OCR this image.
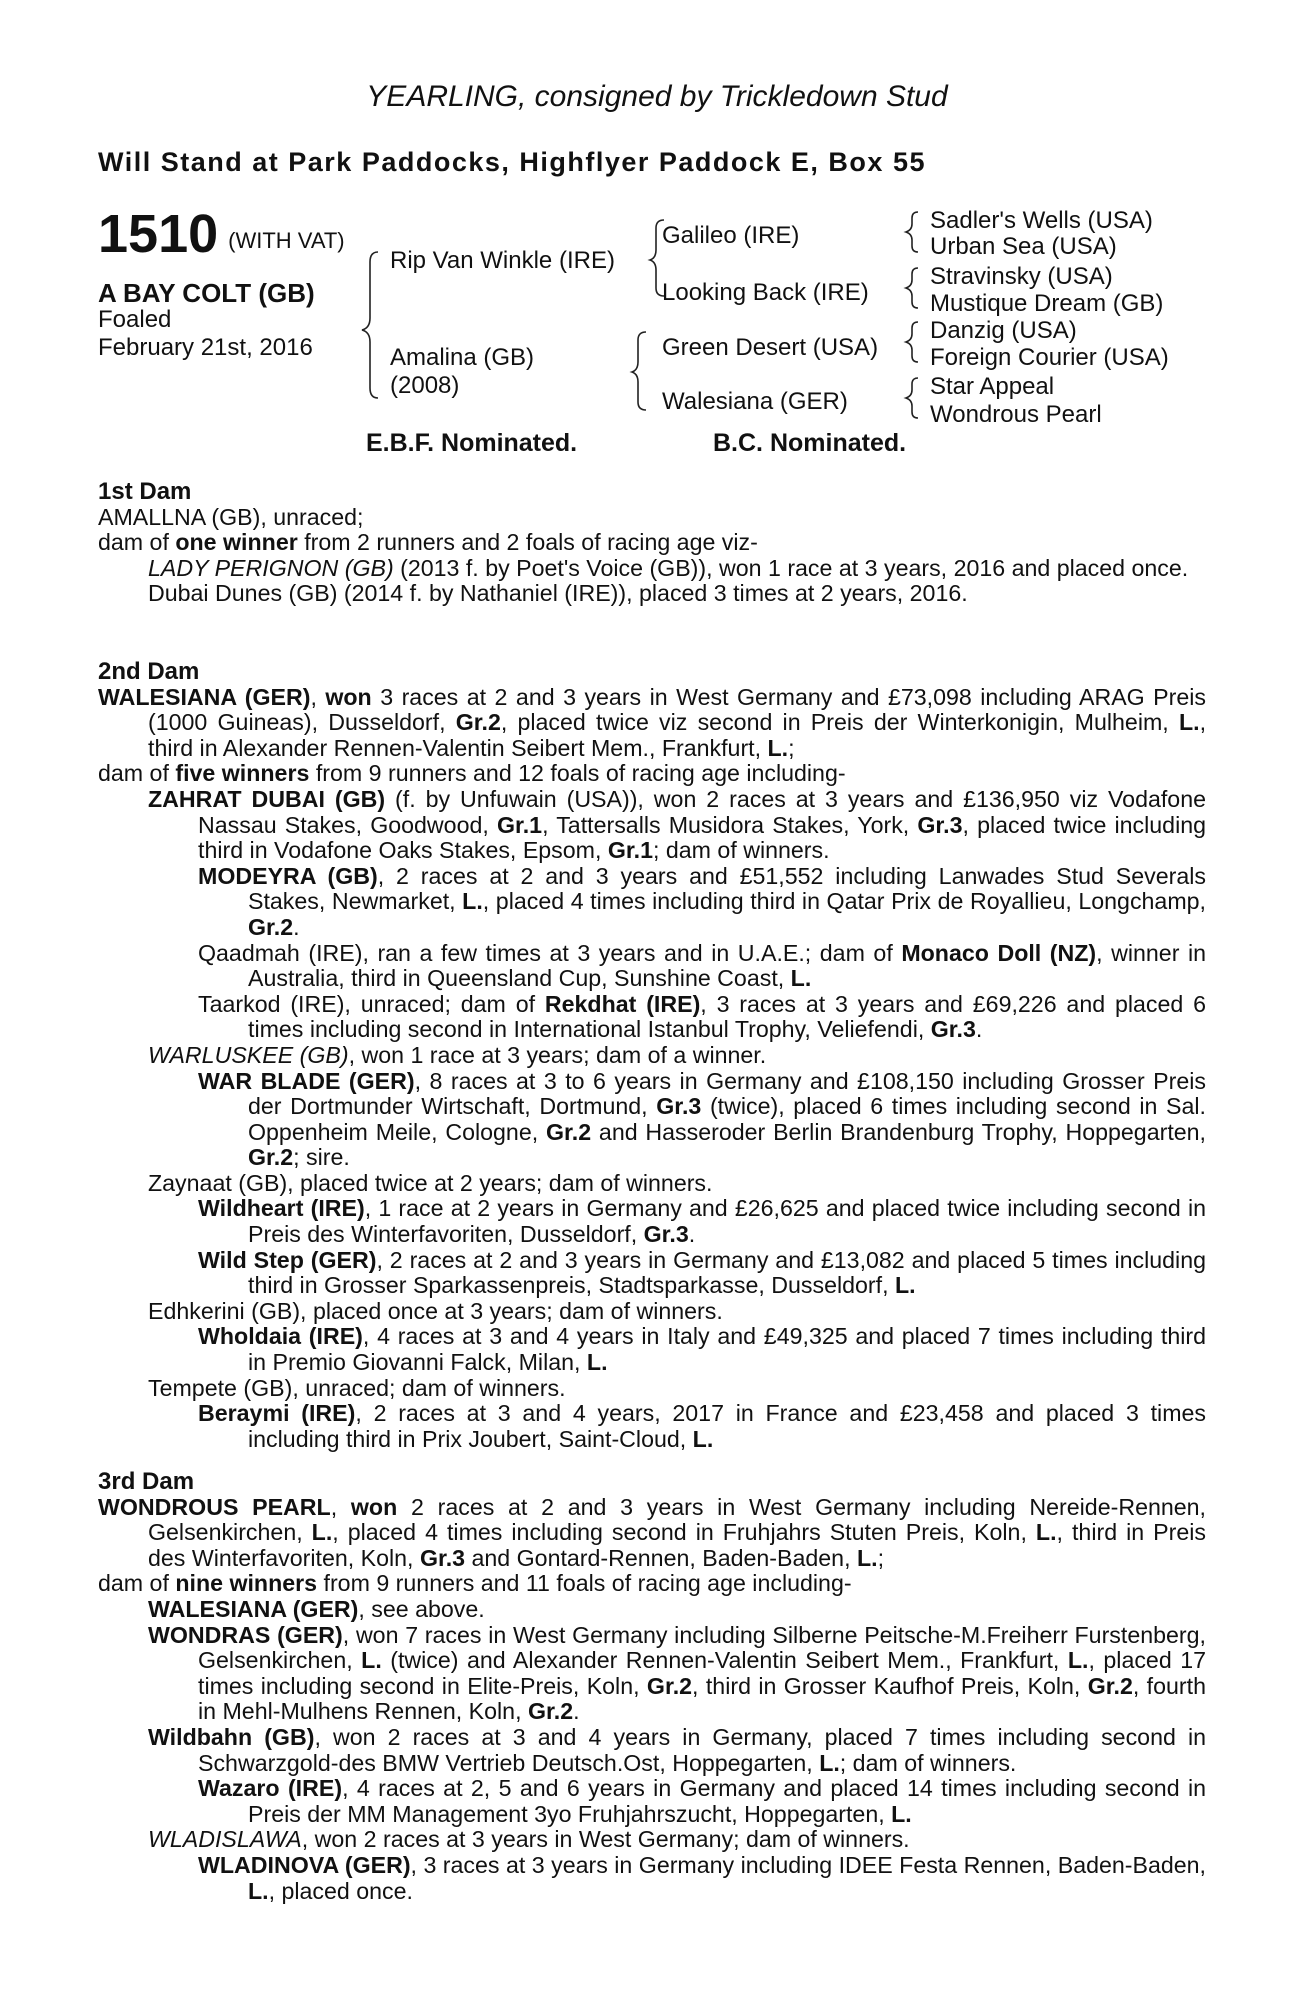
YEARLING, consigned by Trickledown Stud
Will Stand at Park Paddocks, Highflyer Paddock E, Box 55
1510 (WITH VAT)
A BAY COLT (GB)
Foaled
February 21st, 2016
Rip Van Winkle (IRE)
Amalina (GB)
(2008)
Galileo (IRE)
Looking Back (IRE)
Green Desert (USA)
Walesiana (GER)
Sadler's Wells (USA)
Urban Sea (USA)
Stravinsky (USA)
Mustique Dream (GB)
Danzig (USA)
Foreign Courier (USA)
Star Appeal
Wondrous Pearl
E.B.F. Nominated.	B.C. Nominated.
1st Dam

AMALLNA (GB), unraced;

dam of one winner from 2 runners and 2 foals of racing age viz-

LADY PERIGNON (GB) (2013 f. by Poet's Voice (GB)), won 1 race at 3 years, 2016 and placed once.

Dubai Dunes (GB) (2014 f. by Nathaniel (IRE)), placed 3 times at 2 years, 2016.

2nd Dam

WALESIANA (GER), won 3 races at 2 and 3 years in West Germany and £73,098 including ARAG Preis (1000 Guineas), Dusseldorf, Gr.2, placed twice viz second in Preis der Winterkonigin, Mulheim, L., third in Alexander Rennen-Valentin Seibert Mem., Frankfurt, L.;

dam of five winners from 9 runners and 12 foals of racing age including-

ZAHRAT DUBAI (GB) (f. by Unfuwain (USA)), won 2 races at 3 years and £136,950 viz Vodafone Nassau Stakes, Goodwood, Gr.1, Tattersalls Musidora Stakes, York, Gr.3, placed twice including third in Vodafone Oaks Stakes, Epsom, Gr.1; dam of winners.

MODEYRA (GB), 2 races at 2 and 3 years and £51,552 including Lanwades Stud Severals Stakes, Newmarket, L., placed 4 times including third in Qatar Prix de Royallieu, Longchamp, Gr.2.

Qaadmah (IRE), ran a few times at 3 years and in U.A.E.; dam of Monaco Doll (NZ), winner in Australia, third in Queensland Cup, Sunshine Coast, L.

Taarkod (IRE), unraced; dam of Rekdhat (IRE), 3 races at 3 years and £69,226 and placed 6 times including second in International Istanbul Trophy, Veliefendi, Gr.3.

WARLUSKEE (GB), won 1 race at 3 years; dam of a winner.

WAR BLADE (GER), 8 races at 3 to 6 years in Germany and £108,150 including Grosser Preis der Dortmunder Wirtschaft, Dortmund, Gr.3 (twice), placed 6 times including second in Sal. Oppenheim Meile, Cologne, Gr.2 and Hasseroder Berlin Brandenburg Trophy, Hoppegarten, Gr.2; sire.

Zaynaat (GB), placed twice at 2 years; dam of winners.

Wildheart (IRE), 1 race at 2 years in Germany and £26,625 and placed twice including second in Preis des Winterfavoriten, Dusseldorf, Gr.3.

Wild Step (GER), 2 races at 2 and 3 years in Germany and £13,082 and placed 5 times including third in Grosser Sparkassenpreis, Stadtsparkasse, Dusseldorf, L.

Edhkerini (GB), placed once at 3 years; dam of winners.

Wholdaia (IRE), 4 races at 3 and 4 years in Italy and £49,325 and placed 7 times including third in Premio Giovanni Falck, Milan, L.

Tempete (GB), unraced; dam of winners.

Beraymi (IRE), 2 races at 3 and 4 years, 2017 in France and £23,458 and placed 3 times including third in Prix Joubert, Saint-Cloud, L.

3rd Dam

WONDROUS PEARL, won 2 races at 2 and 3 years in West Germany including Nereide-Rennen, Gelsenkirchen, L., placed 4 times including second in Fruhjahrs Stuten Preis, Koln, L., third in Preis des Winterfavoriten, Koln, Gr.3 and Gontard-Rennen, Baden-Baden, L.;

dam of nine winners from 9 runners and 11 foals of racing age including-

WALESIANA (GER), see above.

WONDRAS (GER), won 7 races in West Germany including Silberne Peitsche-M.Freiherr Furstenberg, Gelsenkirchen, L. (twice) and Alexander Rennen-Valentin Seibert Mem., Frankfurt, L., placed 17 times including second in Elite-Preis, Koln, Gr.2, third in Grosser Kaufhof Preis, Koln, Gr.2, fourth in Mehl-Mulhens Rennen, Koln, Gr.2.

Wildbahn (GB), won 2 races at 3 and 4 years in Germany, placed 7 times including second in Schwarzgold-des BMW Vertrieb Deutsch.Ost, Hoppegarten, L.; dam of winners.

Wazaro (IRE), 4 races at 2, 5 and 6 years in Germany and placed 14 times including second in Preis der MM Management 3yo Fruhjahrszucht, Hoppegarten, L.

WLADISLAWA, won 2 races at 3 years in West Germany; dam of winners.

WLADINOVA (GER), 3 races at 3 years in Germany including IDEE Festa Rennen, Baden-Baden, L., placed once.
